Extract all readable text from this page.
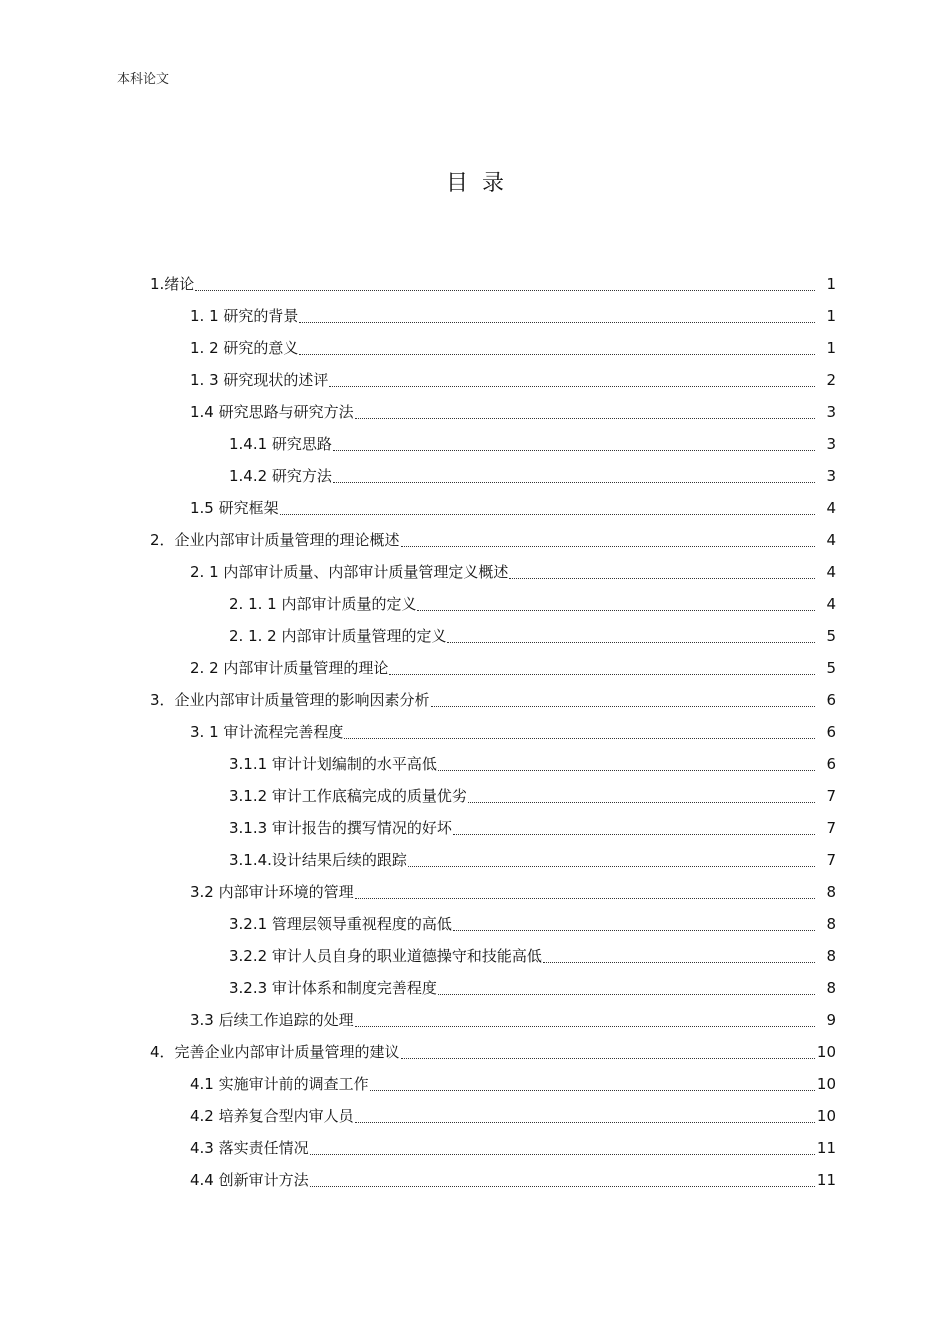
本科论文
目录
1.绪论	1
1. 1 研究的背景	1
1. 2 研究的意义	1
1. 3 研究现状的述评	2
1.4 研究思路与研究方法	3
1.4.1 研究思路	3
1.4.2 研究方法	3
1.5 研究框架	4
2．企业内部审计质量管理的理论概述	4
2. 1 内部审计质量、内部审计质量管理定义概述	4
2. 1. 1 内部审计质量的定义	4
2. 1. 2 内部审计质量管理的定义	5
2. 2 内部审计质量管理的理论	5
3．企业内部审计质量管理的影响因素分析	6
3. 1 审计流程完善程度	6
3.1.1 审计计划编制的水平高低	6
3.1.2 审计工作底稿完成的质量优劣	7
3.1.3 审计报告的撰写情况的好坏	7
3.1.4.设计结果后续的跟踪	7
3.2 内部审计环境的管理	8
3.2.1 管理层领导重视程度的高低	8
3.2.2 审计人员自身的职业道德操守和技能高低	8
3.2.3 审计体系和制度完善程度	8
3.3 后续工作追踪的处理	9
4．完善企业内部审计质量管理的建议	10
4.1 实施审计前的调查工作	10
4.2 培养复合型内审人员	10
4.3 落实责任情况	11
4.4 创新审计方法	11
